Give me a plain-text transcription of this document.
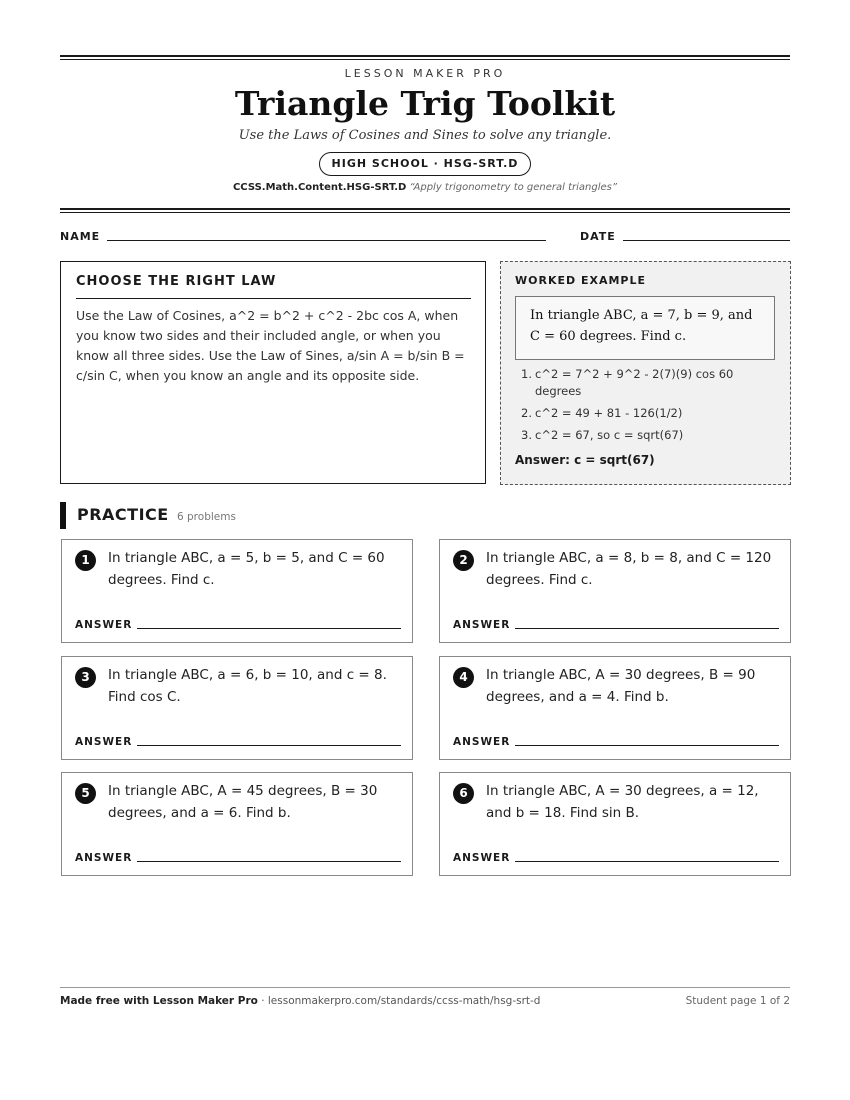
LESSON MAKER PRO
Triangle Trig Toolkit
Use the Laws of Cosines and Sines to solve any triangle.
HIGH SCHOOL · HSG-SRT.D
CCSS.Math.Content.HSG-SRT.D “Apply trigonometry to general triangles”
NAME	DATE
CHOOSE THE RIGHT LAW

Use the Law of Cosines, a^2 = b^2 + c^2 - 2bc cos A, when you know two sides and their included angle, or when you know all three sides. Use the Law of Sines, a/sin A = b/sin B = c/sin C, when you know an angle and its opposite side.

WORKED EXAMPLE
In triangle ABC, a = 7, b = 9, and C = 60 degrees. Find c.
1. c^2 = 7^2 + 9^2 - 2(7)(9) cos 60 degrees
2. c^2 = 49 + 81 - 126(1/2)
3. c^2 = 67, so c = sqrt(67)
Answer: c = sqrt(67)
PRACTICE 6 problems
1	In triangle ABC, a = 5, b = 5, and C = 60 degrees. Find c.
ANSWER
2	In triangle ABC, a = 8, b = 8, and C = 120 degrees. Find c.
ANSWER
3	In triangle ABC, a = 6, b = 10, and c = 8. Find cos C.
ANSWER
4	In triangle ABC, A = 30 degrees, B = 90 degrees, and a = 4. Find b.
ANSWER
5	In triangle ABC, A = 45 degrees, B = 30 degrees, and a = 6. Find b.
ANSWER
6	In triangle ABC, A = 30 degrees, a = 12, and b = 18. Find sin B.
ANSWER
Made free with Lesson Maker Pro · lessonmakerpro.com/standards/ccss-math/hsg-srt-d	Student page 1 of 2
